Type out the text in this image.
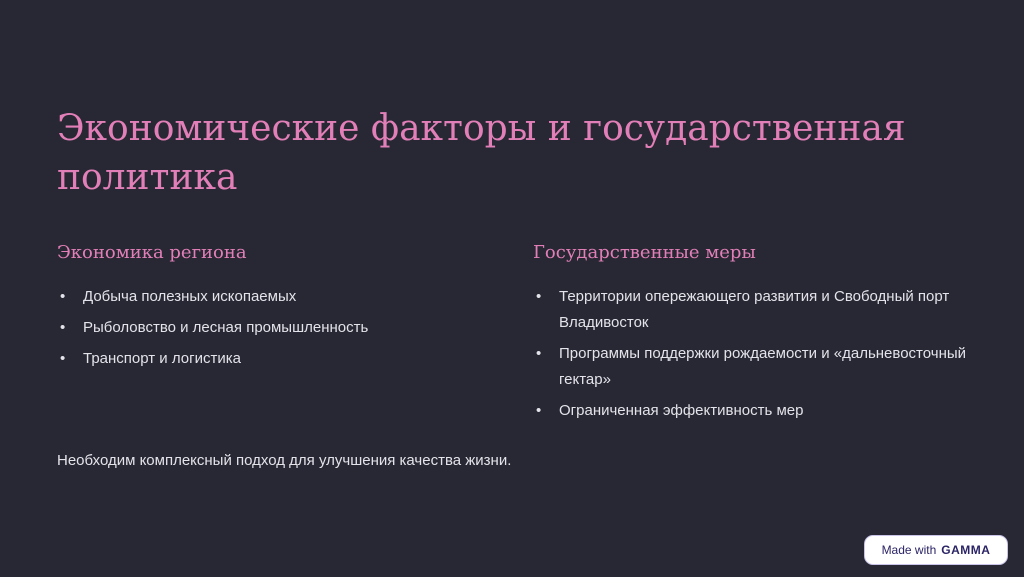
Экономические факторы и государственная политика
Экономика региона
• Добыча полезных ископаемых
• Рыболовство и лесная промышленность
• Транспорт и логистика
Государственные меры
• Территории опережающего развития и Свободный порт Владивосток
• Программы поддержки рождаемости и «дальневосточный гектар»
• Ограниченная эффективность мер

Необходим комплексный подход для улучшения качества жизни.

Made with GAMMA
